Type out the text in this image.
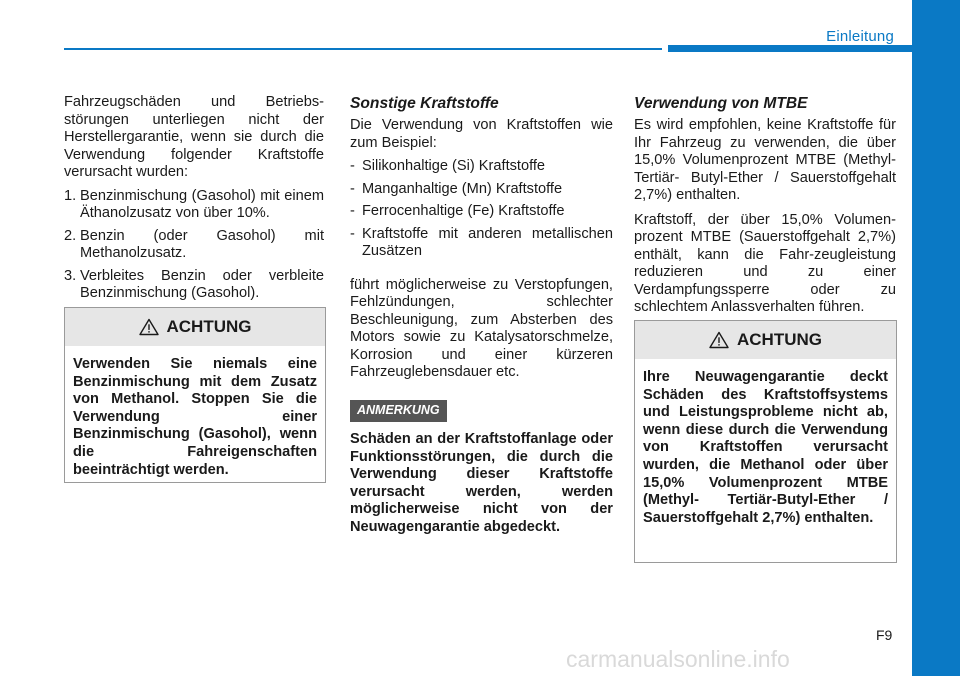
Einleitung

Fahrzeugschäden und Betriebs-störungen unterliegen nicht der Herstellergarantie, wenn sie durch die Verwendung folgender Kraftstoffe verursacht wurden:

1. Benzinmischung (Gasohol) mit einem Äthanolzusatz von über 10%.
2. Benzin (oder Gasohol) mit Methanolzusatz.
3. Verbleites Benzin oder verbleite Benzinmischung (Gasohol).
ACHTUNG
Verwenden Sie niemals eine Benzinmischung mit dem Zusatz von Methanol. Stoppen Sie die Verwendung einer Benzinmischung (Gasohol), wenn die Fahreigenschaften beeinträchtigt werden.
Sonstige Kraftstoffe

Die Verwendung von Kraftstoffen wie zum Beispiel:

- Silikonhaltige (Si) Kraftstoffe
- Manganhaltige (Mn) Kraftstoffe
- Ferrocenhaltige (Fe) Kraftstoffe
- Kraftstoffe mit anderen metallischen Zusätzen

führt möglicherweise zu Verstopfungen, Fehlzündungen, schlechter Beschleunigung, zum Absterben des Motors sowie zu Katalysatorschmelze, Korrosion und einer kürzeren Fahrzeuglebensdauer etc.

ANMERKUNG

Schäden an der Kraftstoffanlage oder Funktionsstörungen, die durch die Verwendung dieser Kraftstoffe verursacht werden, werden möglicherweise nicht von der Neuwagengarantie abgedeckt.

Verwendung von MTBE

Es wird empfohlen, keine Kraftstoffe für Ihr Fahrzeug zu verwenden, die über 15,0% Volumenprozent MTBE (Methyl-Tertiär- Butyl-Ether / Sauerstoffgehalt 2,7%) enthalten.

Kraftstoff, der über 15,0% Volumen-prozent MTBE (Sauerstoffgehalt 2,7%) enthält, kann die Fahr-zeugleistung reduzieren und zu einer Verdampfungssperre oder zu schlechtem Anlassverhalten führen.

ACHTUNG
Ihre Neuwagengarantie deckt Schäden des Kraftstoffsystems und Leistungsprobleme nicht ab, wenn diese durch die Verwendung von Kraftstoffen verursacht wurden, die Methanol oder über 15,0% Volumenprozent MTBE (Methyl- Tertiär-Butyl-Ether / Sauerstoffgehalt 2,7%) enthalten.
F9
carmanualsonline.info
